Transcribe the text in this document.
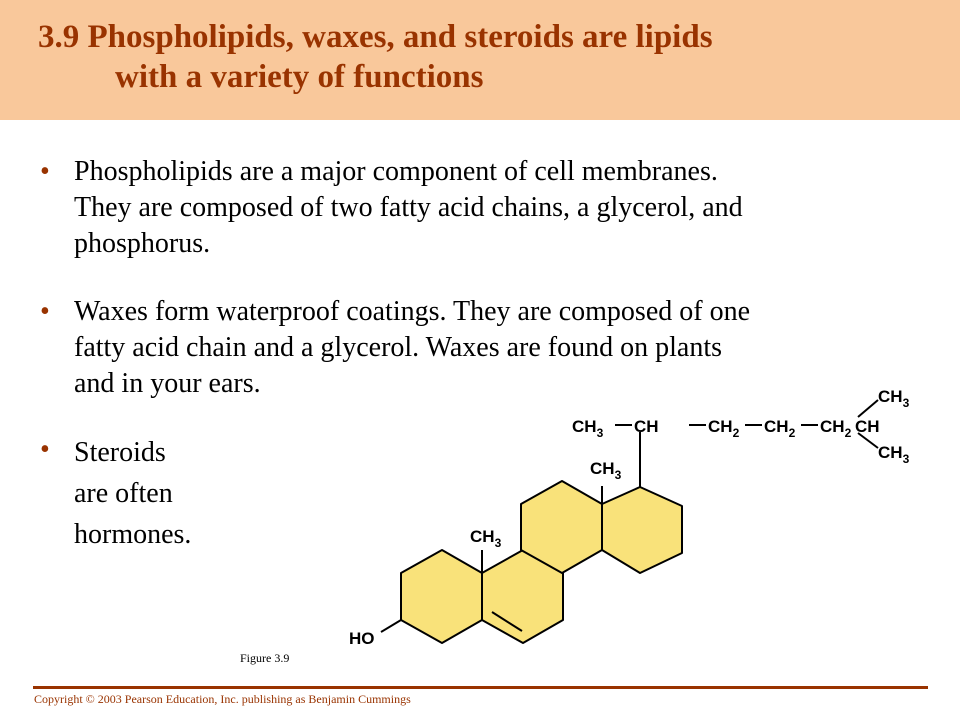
3.9 Phospholipids, waxes, and steroids are lipids
with a variety of functions
• Phospholipids are a major component of cell membranes.
They are composed of two fatty acid chains, a glycerol, and
phosphorus.

• Waxes form waterproof coatings. They are composed of one
fatty acid chain and a glycerol. Waxes are found on plants
and in your ears.

• Steroids
are often
hormones.

$CH_3$ CH	$CH_2$ $CH_2$ $CH_2$ CH
$CH_3$
$CH_3$
$CH_3$
$CH_3$
HO
Figure 3.9
Copyright © 2003 Pearson Education, Inc. publishing as Benjamin Cummings
